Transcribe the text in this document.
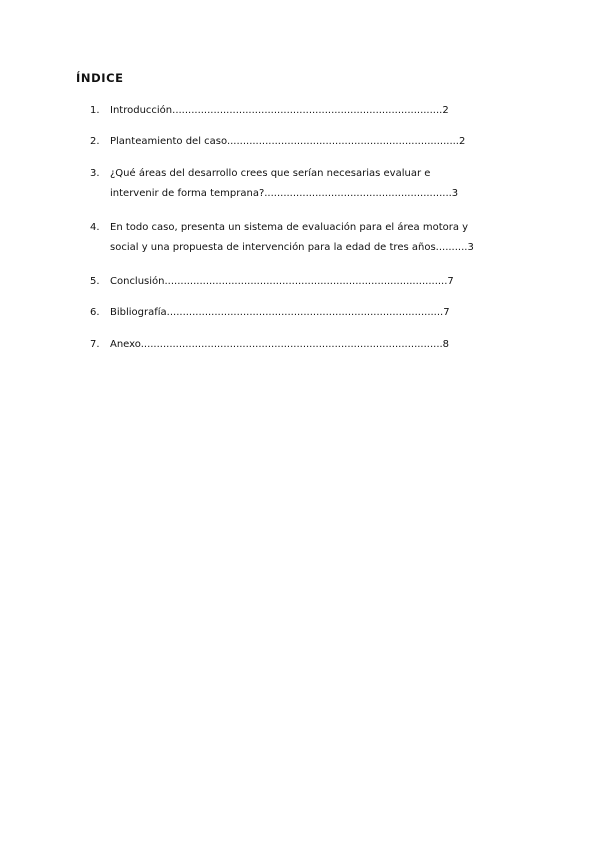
ÍNDICE
1.	Introducción.....................................................................................2
2.	Planteamiento del caso.........................................................................2
3.	¿Qué áreas del desarrollo crees que serían necesarias evaluar e
intervenir de forma temprana?...........................................................3
4.	En todo caso, presenta un sistema de evaluación para el área motora y
social y una propuesta de intervención para la edad de tres años..........3
5.	Conclusión.........................................................................................7
6.	Bibliografía.......................................................................................7
7.	Anexo...............................................................................................8
